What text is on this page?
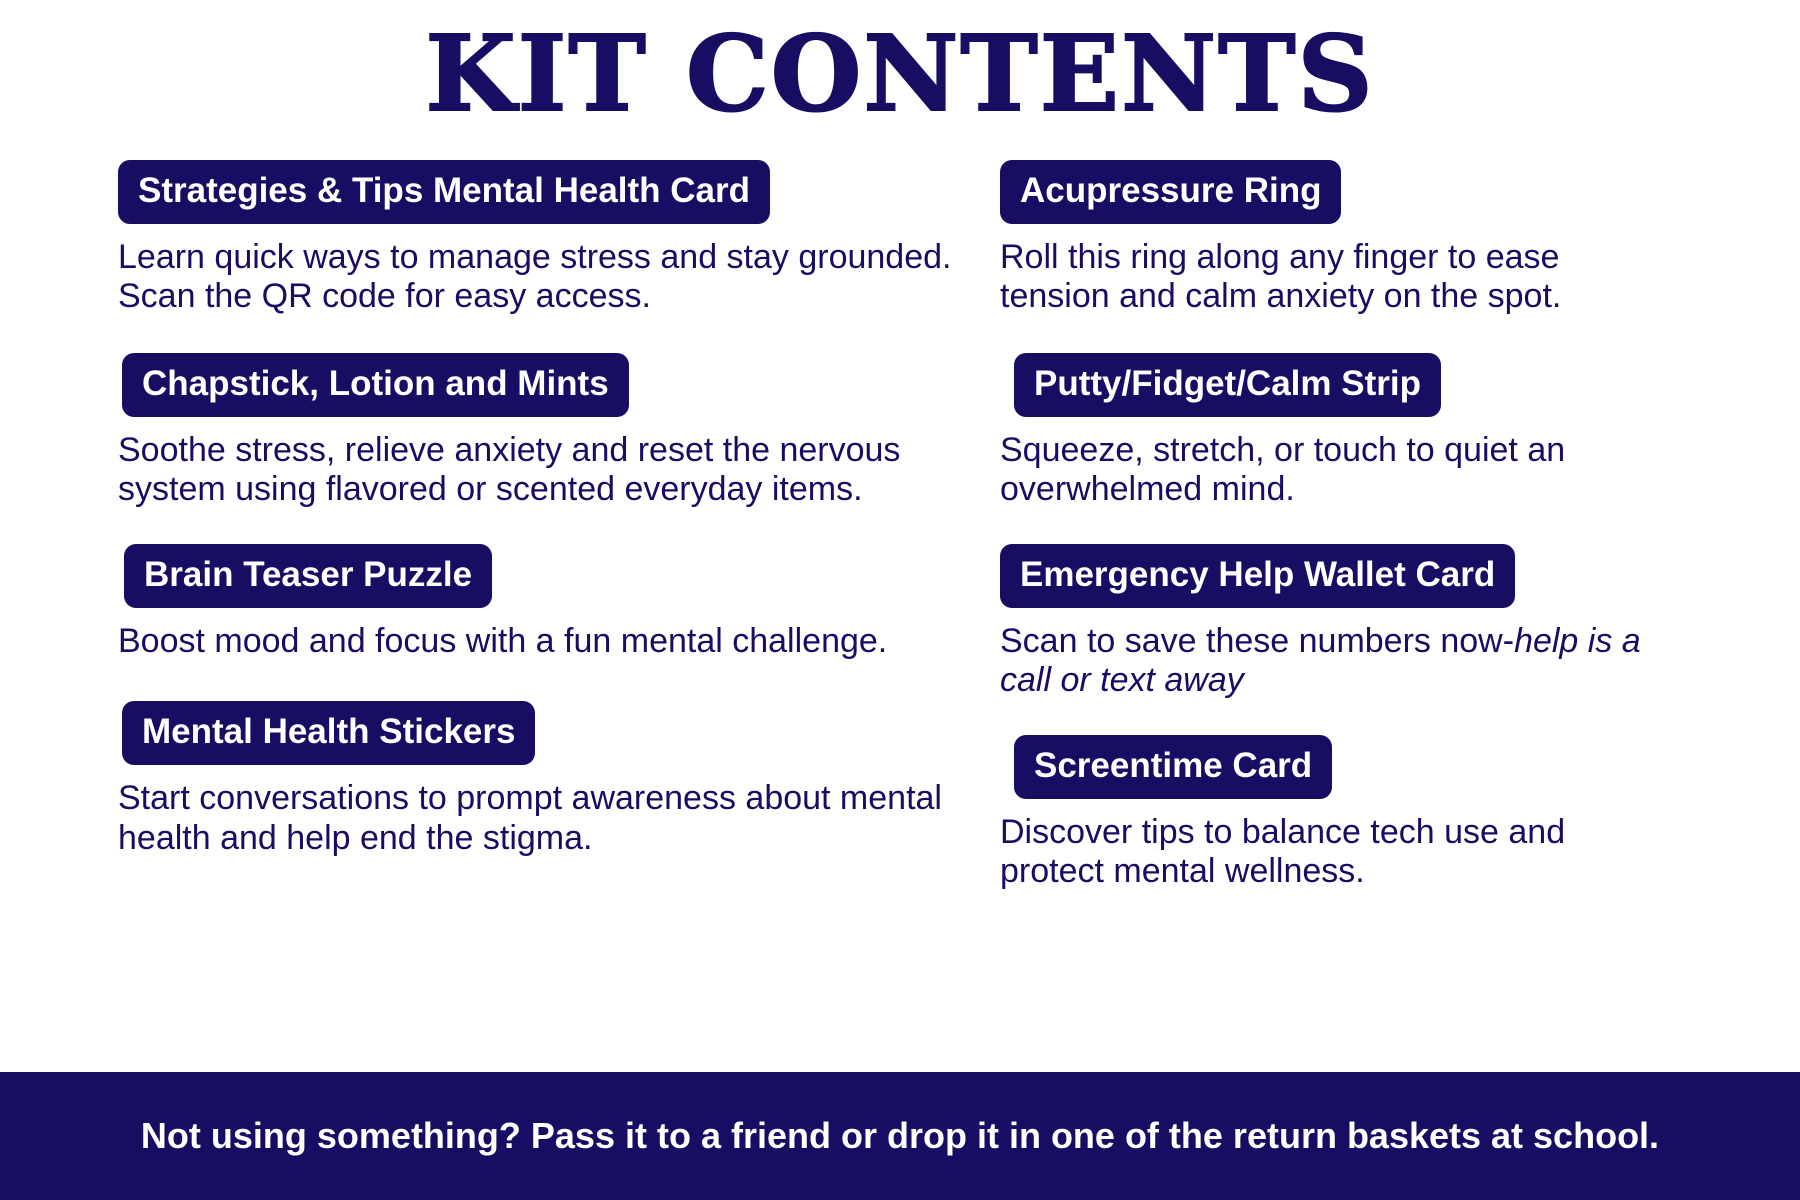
KIT CONTENTS
Strategies & Tips Mental Health Card
Learn quick ways to manage stress and stay grounded. Scan the QR code for easy access.
Chapstick, Lotion and Mints
Soothe stress, relieve anxiety and reset the nervous system using flavored or scented everyday items.
Brain Teaser Puzzle
Boost mood and focus with a fun mental challenge.
Mental Health Stickers
Start conversations to prompt awareness about mental health and help end the stigma.
Acupressure Ring
Roll this ring along any finger to ease tension and calm anxiety on the spot.
Putty/Fidget/Calm Strip
Squeeze, stretch, or touch to quiet an overwhelmed mind.
Emergency Help Wallet Card
Scan to save these numbers now-help is a call or text away
Screentime Card
Discover tips to balance tech use and protect mental wellness.
Not using something? Pass it to a friend or drop it in one of the return baskets at school.
